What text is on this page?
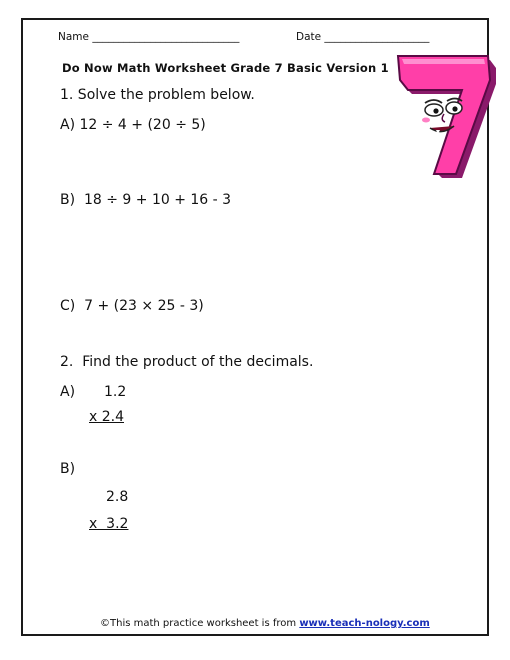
Name ____________________________	Date ____________________
Do Now Math Worksheet Grade 7 Basic Version 1
1. Solve the problem below.
A) 12 ÷ 4 + (20 ÷ 5)
B)  18 ÷ 9 + 10 + 16 - 3
C)  7 + (23 × 25 - 3)
2.  Find the product of the decimals.
A) 1.2
x 2.4
B)
2.8
x  3.2
©This math practice worksheet is from www.teach-nology.com
